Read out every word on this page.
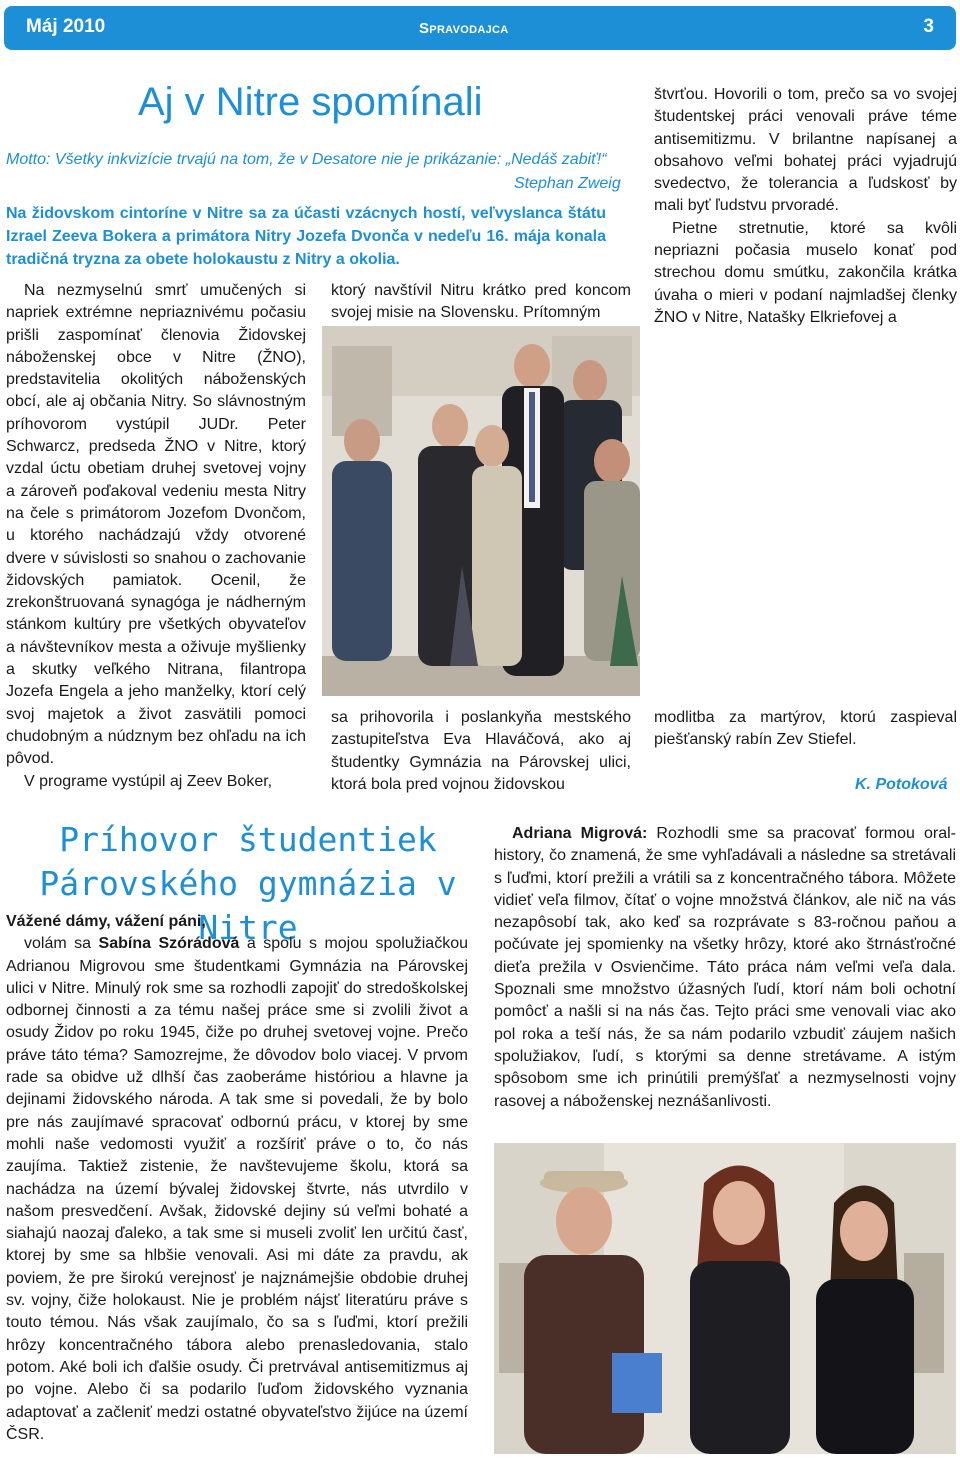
Máj 2010	Spravodajca	3
Aj v Nitre spomínali
Motto: Všetky inkvizície trvajú na tom, že v Desatore nie je prikázanie: „Nedáš zabiť!“
Stephan Zweig
Na židovskom cintoríne v Nitre sa za účasti vzácnych hostí, veľvyslanca štátu Izrael Zeeva Bokera a primátora Nitry Jozefa Dvonča v nedeľu 16. mája konala tradičná tryzna za obete holokaustu z Nitry a okolia.

Na nezmyselnú smrť umučených si napriek extrémne nepriaznivému počasiu prišli zaspomínať členovia Židovskej náboženskej obce v Nitre (ŽNO), predstavitelia okolitých náboženských obcí, ale aj občania Nitry. So slávnostným príhovorom vystúpil JUDr. Peter Schwarcz, predseda ŽNO v Nitre, ktorý vzdal úctu obetiam druhej svetovej vojny a zároveň poďakoval vedeniu mesta Nitry na čele s primátorom Jozefom Dvončom, u ktorého nachádzajú vždy otvorené dvere v súvislosti so snahou o zachovanie židovských pamiatok. Ocenil, že zrekonštruovaná synagóga je nádherným stánkom kultúry pre všetkých obyvateľov a návštevníkov mesta a oživuje myšlienky a skutky veľkého Nitrana, filantropa Jozefa Engela a jeho manželky, ktorí celý svoj majetok a život zasvätili pomoci chudobným a núdznym bez ohľadu na ich pôvod.

V programe vystúpil aj Zeev Boker,

ktorý navštívil Nitru krátko pred koncom svojej misie na Slovensku. Prítomným
sa prihovorila i poslankyňa mestského zastupiteľstva Eva Hlaváčová, ako aj študentky Gymnázia na Párovskej ulici, ktorá bola pred vojnou židovskou

štvrťou. Hovorili o tom, prečo sa vo svojej študentskej práci venovali práve téme antisemitizmu. V brilantne napísanej a obsahovo veľmi bohatej práci vyjadrujú svedectvo, že tolerancia a ľudskosť by mali byť ľudstvu prvoradé.

Pietne stretnutie, ktoré sa kvôli nepriazni počasia muselo konať pod strechou domu smútku, zakončila krátka úvaha o mieri v podaní najmladšej členky ŽNO v Nitre, Natašky Elkriefovej a

modlitba za martýrov, ktorú zaspieval piešťanský rabín Zev Stiefel.
K. Potoková
Príhovor študentiek
Párovského gymnázia v Nitre

Vážené dámy, vážení páni,

volám sa Sabína Szórádová a spolu s mojou spolužiačkou Adrianou Migrovou sme študentkami Gymnázia na Párovskej ulici v Nitre. Minulý rok sme sa rozhodli zapojiť do stredoškolskej odbornej činnosti a za tému našej práce sme si zvolili život a osudy Židov po roku 1945, čiže po druhej svetovej vojne. Prečo práve táto téma? Samozrejme, že dôvodov bolo viacej. V prvom rade sa obidve už dlhší čas zaoberáme históriou a hlavne ja dejinami židovského národa. A tak sme si povedali, že by bolo pre nás zaujímavé spracovať odbornú prácu, v ktorej by sme mohli naše vedomosti využiť a rozšíriť práve o to, čo nás zaujíma. Taktiež zistenie, že navštevujeme školu, ktorá sa nachádza na území bývalej židovskej štvrte, nás utvrdilo v našom presvedčení. Avšak, židovské dejiny sú veľmi bohaté a siahajú naozaj ďaleko, a tak sme si museli zvoliť len určitú časť, ktorej by sme sa hlbšie venovali. Asi mi dáte za pravdu, ak poviem, že pre širokú verejnosť je najznámejšie obdobie druhej sv. vojny, čiže holokaust. Nie je problém nájsť literatúru práve s touto témou. Nás však zaujímalo, čo sa s ľuďmi, ktorí prežili hrôzy koncentračného tábora alebo prenasledovania, stalo potom. Aké boli ich ďalšie osudy. Či pretrvával antisemitizmus aj po vojne. Alebo či sa podarilo ľuďom židovského vyznania adaptovať a začleniť medzi ostatné obyvateľstvo žijúce na území ČSR.

Adriana Migrová: Rozhodli sme sa pracovať formou oral-history, čo znamená, že sme vyhľadávali a následne sa stretávali s ľuďmi, ktorí prežili a vrátili sa z koncentračného tábora. Môžete vidieť veľa filmov, čítať o vojne množstvá článkov, ale nič na vás nezapôsobí tak, ako keď sa rozprávate s 83-ročnou paňou a počúvate jej spomienky na všetky hrôzy, ktoré ako štrnásťročné dieťa prežila v Osvienčime. Táto práca nám veľmi veľa dala. Spoznali sme množstvo úžasných ľudí, ktorí nám boli ochotní pomôcť a našli si na nás čas. Tejto práci sme venovali viac ako pol roka a teší nás, že sa nám podarilo vzbudiť záujem našich spolužiakov, ľudí, s ktorými sa denne stretávame. A istým spôsobom sme ich prinútili premýšľať a nezmyselnosti vojny rasovej a náboženskej neznášanlivosti.
